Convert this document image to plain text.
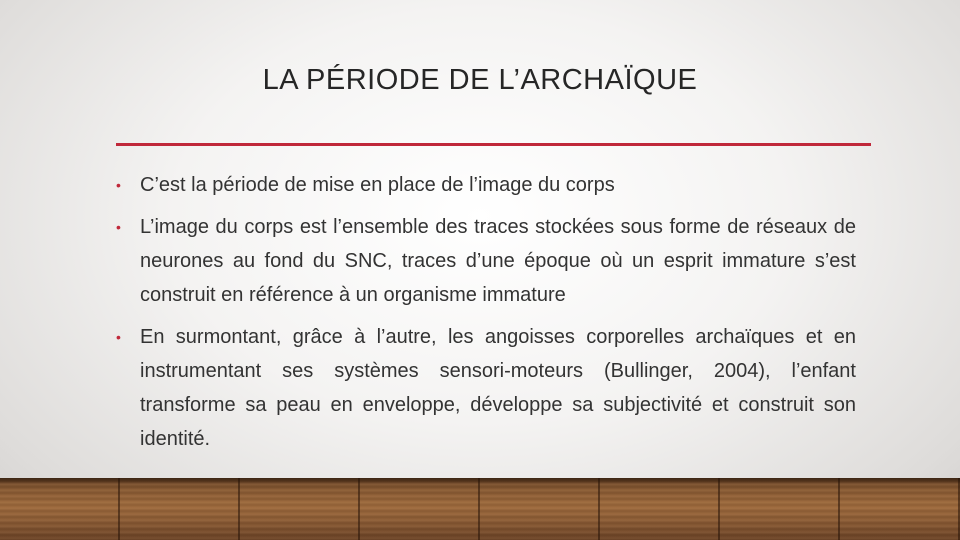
LA PÉRIODE DE L’ARCHAÏQUE
• C’est la période de mise en place de l’image du corps
• L’image du corps est l’ensemble des traces stockées sous forme de réseaux de neurones au fond du SNC, traces d’une époque où un esprit immature s’est construit en référence à un organisme immature
• En surmontant, grâce à l’autre, les angoisses corporelles archaïques et en instrumentant ses systèmes sensori-moteurs (Bullinger, 2004), l’enfant transforme sa peau en enveloppe, développe sa subjectivité et construit son identité.
